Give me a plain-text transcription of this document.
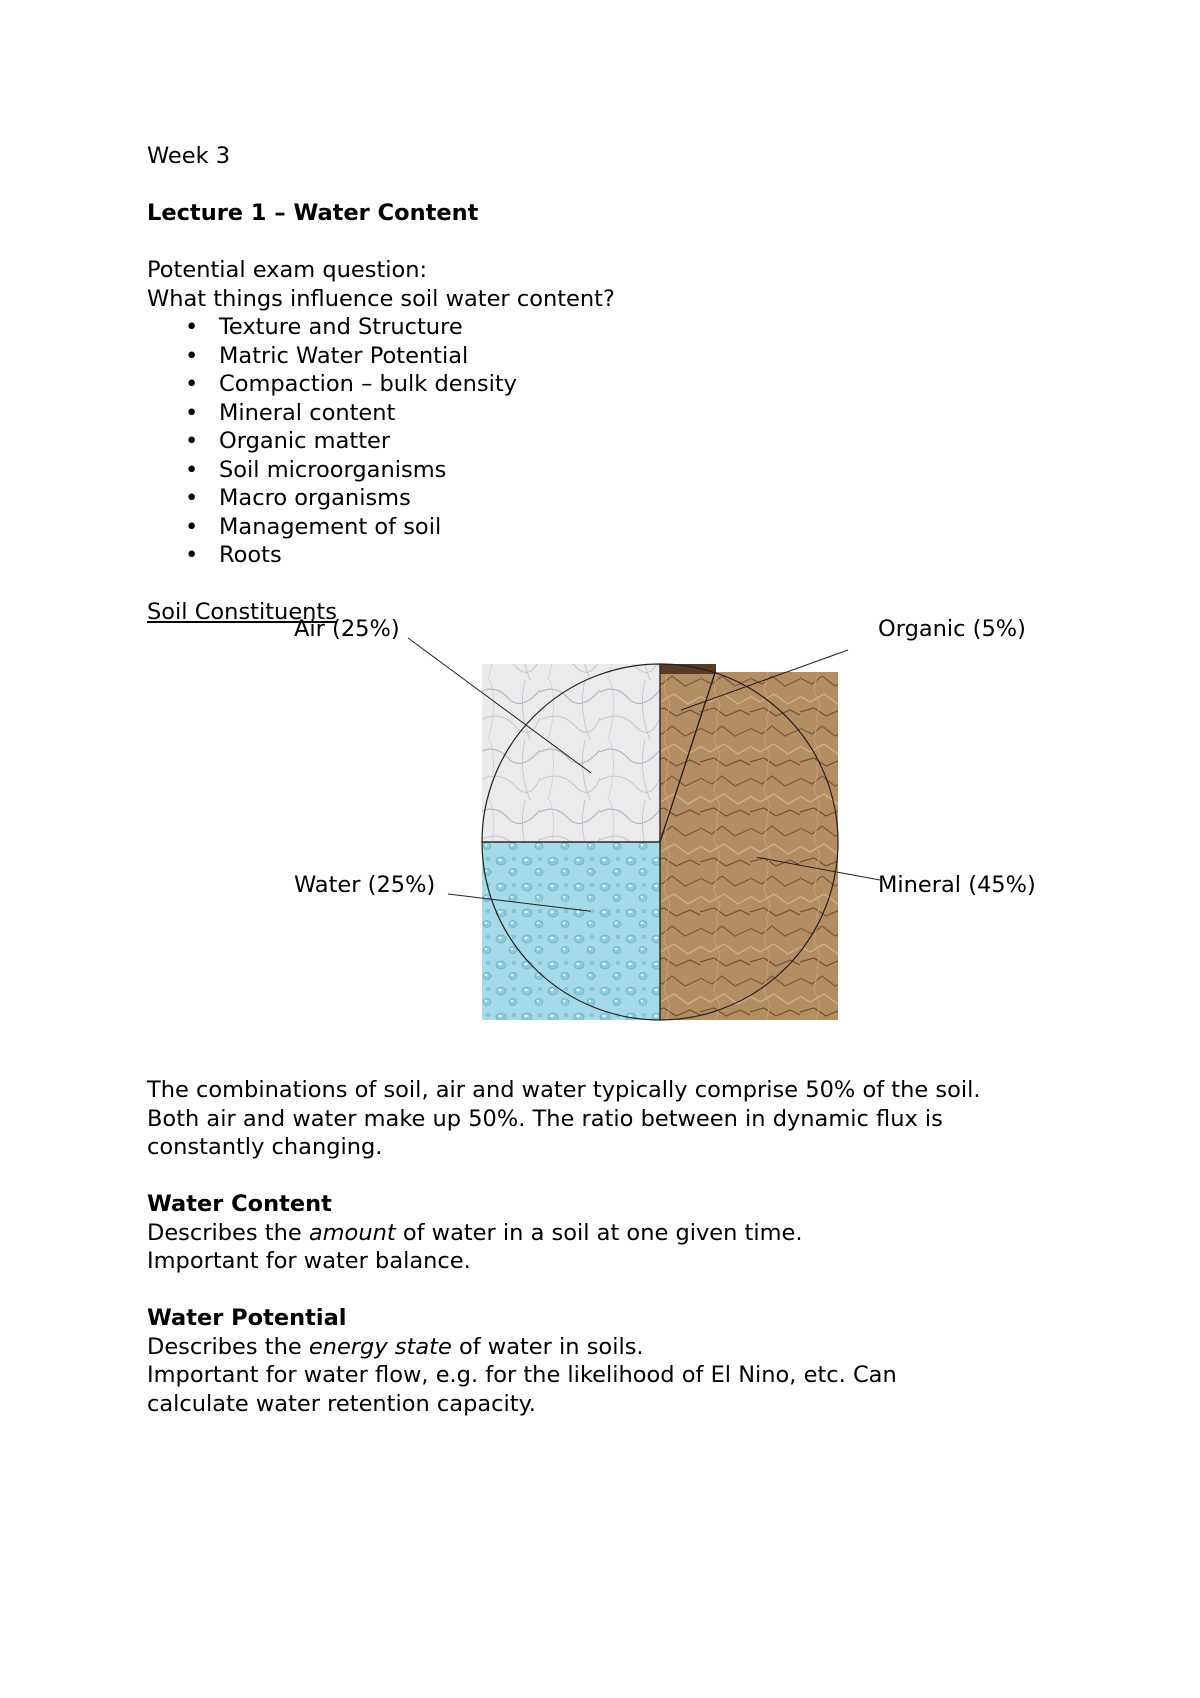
Week 3

Lecture 1 – Water Content

Potential exam question:

What things influence soil water content?

• Texture and Structure
• Matric Water Potential
• Compaction – bulk density
• Mineral content
• Organic matter
• Soil microorganisms
• Macro organisms
• Management of soil
• Roots

Soil Constituents

Air (25%)
Water (25%)	Mineral (45%)
Organic (5%)

The combinations of soil, air and water typically comprise 50% of the soil.

Both air and water make up 50%. The ratio between in dynamic flux is

constantly changing.

Water Content

Describes the amount of water in a soil at one given time.

Important for water balance.

Water Potential

Describes the energy state of water in soils.

Important for water flow, e.g. for the likelihood of El Nino, etc. Can

calculate water retention capacity.
